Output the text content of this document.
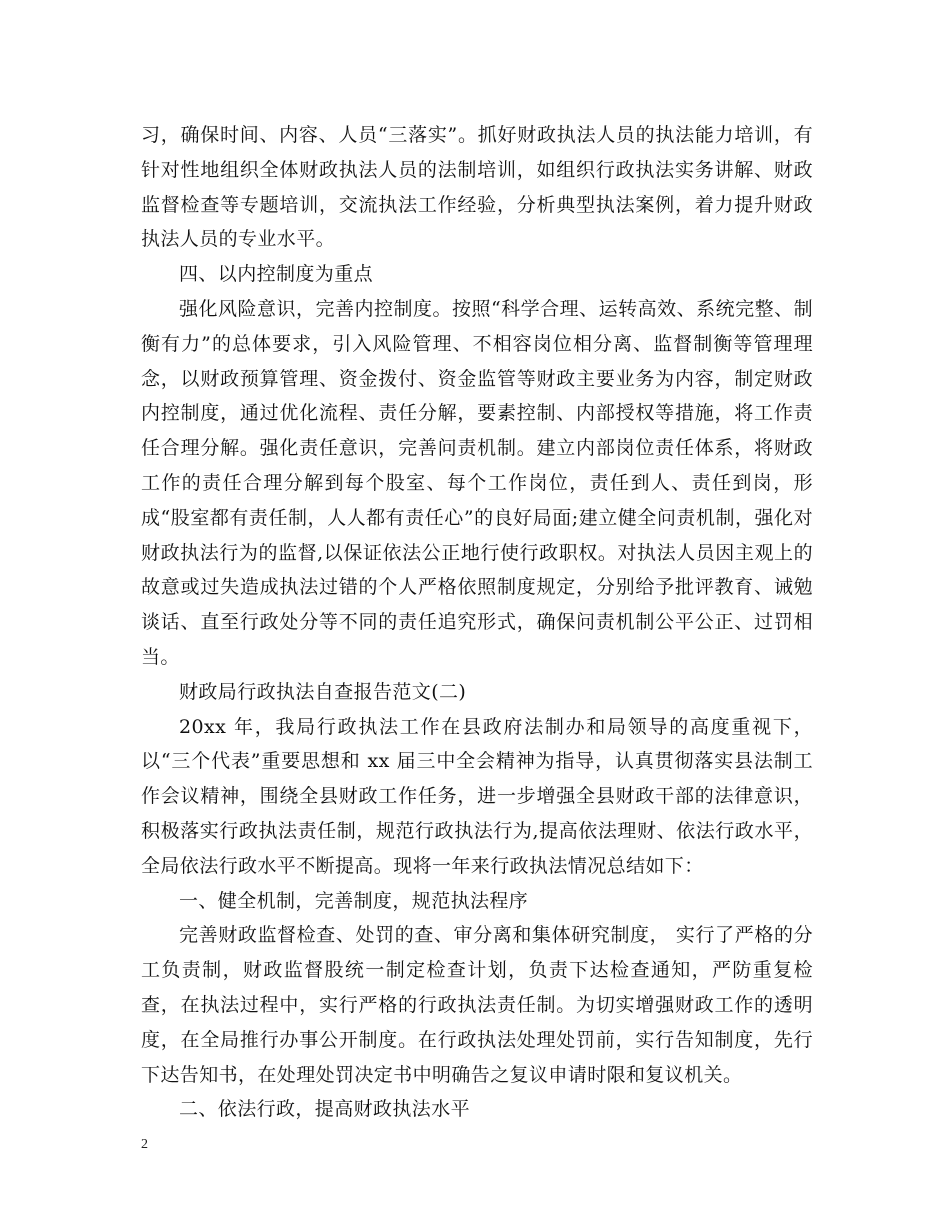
习，确保时间、内容、人员“三落实”。抓好财政执法人员的执法能力培训，有针对性地组织全体财政执法人员的法制培训，如组织行政执法实务讲解、财政监督检查等专题培训，交流执法工作经验，分析典型执法案例，着力提升财政执法人员的专业水平。

四、以内控制度为重点

强化风险意识，完善内控制度。按照“科学合理、运转高效、系统完整、制衡有力”的总体要求，引入风险管理、不相容岗位相分离、监督制衡等管理理念，以财政预算管理、资金拨付、资金监管等财政主要业务为内容，制定财政内控制度，通过优化流程、责任分解，要素控制、内部授权等措施，将工作责任合理分解。强化责任意识，完善问责机制。建立内部岗位责任体系，将财政工作的责任合理分解到每个股室、每个工作岗位，责任到人、责任到岗，形成“股室都有责任制，人人都有责任心”的良好局面;建立健全问责机制，强化对财政执法行为的监督,以保证依法公正地行使行政职权。对执法人员因主观上的故意或过失造成执法过错的个人严格依照制度规定，分别给予批评教育、诫勉谈话、直至行政处分等不同的责任追究形式，确保问责机制公平公正、过罚相当。

财政局行政执法自查报告范文(二)

20xx 年，我局行政执法工作在县政府法制办和局领导的高度重视下，以“三个代表”重要思想和 xx 届三中全会精神为指导，认真贯彻落实县法制工作会议精神，围绕全县财政工作任务，进一步增强全县财政干部的法律意识，积极落实行政执法责任制，规范行政执法行为,提高依法理财、依法行政水平，全局依法行政水平不断提高。现将一年来行政执法情况总结如下：

一、健全机制，完善制度，规范执法程序

完善财政监督检查、处罚的查、审分离和集体研究制度， 实行了严格的分工负责制，财政监督股统一制定检查计划，负责下达检查通知，严防重复检查，在执法过程中，实行严格的行政执法责任制。为切实增强财政工作的透明度，在全局推行办事公开制度。在行政执法处理处罚前，实行告知制度，先行下达告知书，在处理处罚决定书中明确告之复议申请时限和复议机关。

二、依法行政，提高财政执法水平

2
